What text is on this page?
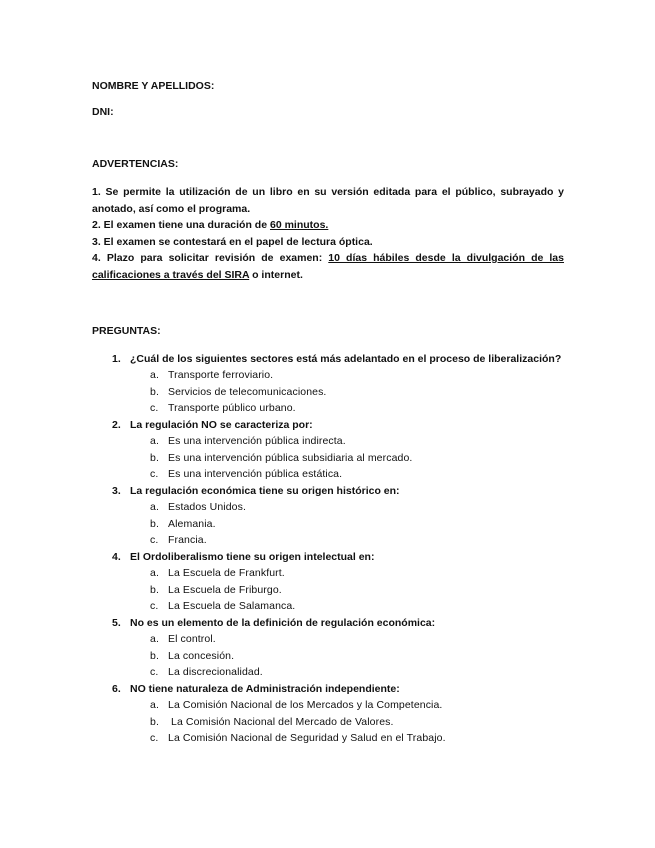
NOMBRE Y APELLIDOS:
DNI:
ADVERTENCIAS:
1. Se permite la utilización de un libro en su versión editada para el público, subrayado y
anotado, así como el programa.
2. El examen tiene una duración de 60 minutos.
3. El examen se contestará en el papel de lectura óptica.
4. Plazo para solicitar revisión de examen: 10 días hábiles desde la divulgación de las
calificaciones a través del SIRA o internet.
PREGUNTAS:
1. ¿Cuál de los siguientes sectores está más adelantado en el proceso de liberalización?
a. Transporte ferroviario.
b. Servicios de telecomunicaciones.
c. Transporte público urbano.
2. La regulación NO se caracteriza por:
a. Es una intervención pública indirecta.
b. Es una intervención pública subsidiaria al mercado.
c. Es una intervención pública estática.
3. La regulación económica tiene su origen histórico en:
a. Estados Unidos.
b. Alemania.
c. Francia.
4. El Ordoliberalismo tiene su origen intelectual en:
a. La Escuela de Frankfurt.
b. La Escuela de Friburgo.
c. La Escuela de Salamanca.
5. No es un elemento de la definición de regulación económica:
a. El control.
b. La concesión.
c. La discrecionalidad.
6. NO tiene naturaleza de Administración independiente:
a. La Comisión Nacional de los Mercados y la Competencia.
b. La Comisión Nacional del Mercado de Valores.
c. La Comisión Nacional de Seguridad y Salud en el Trabajo.
